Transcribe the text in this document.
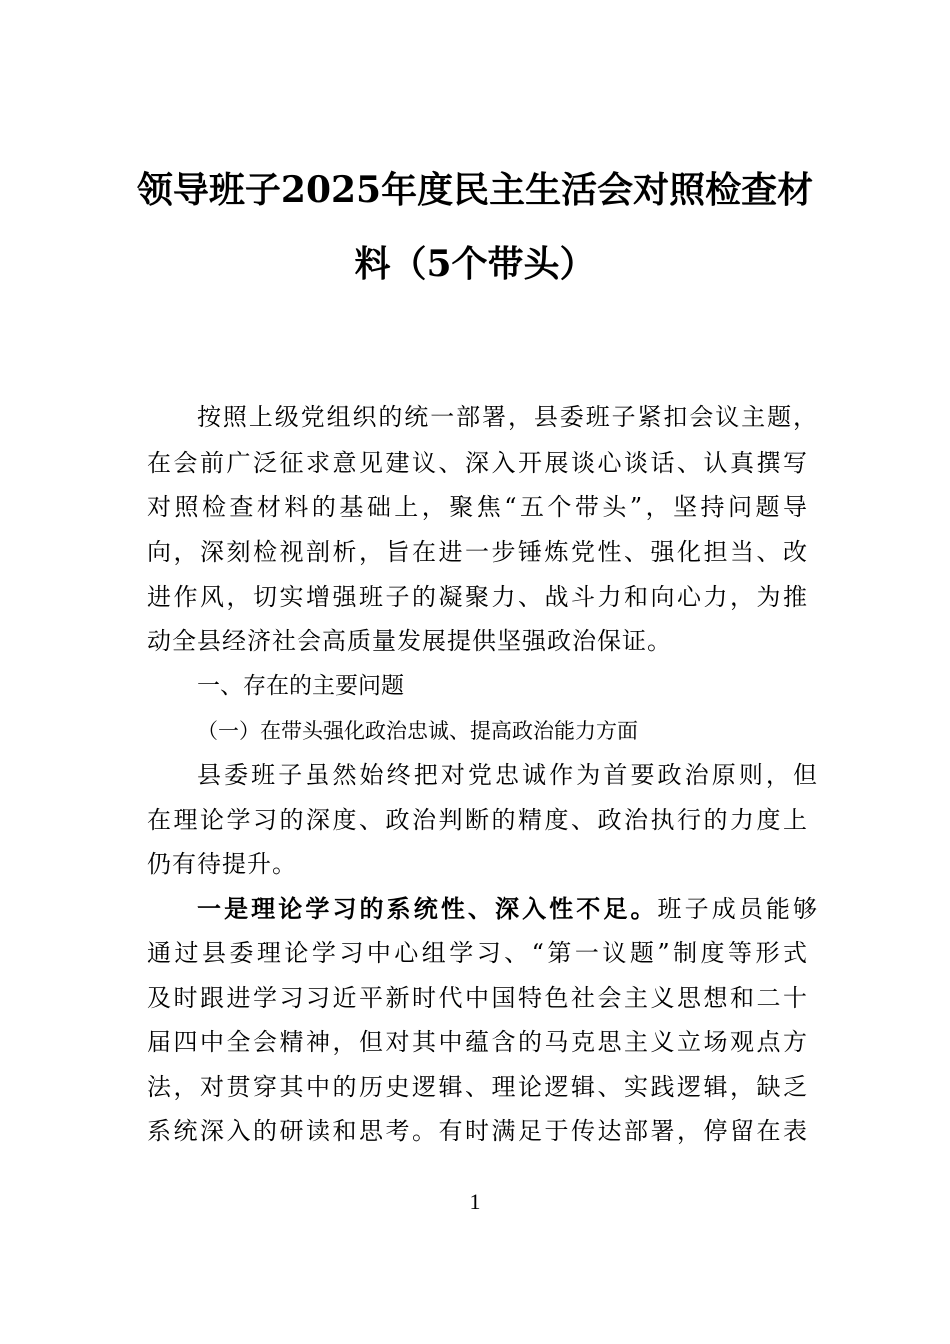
领导班子2025年度民主生活会对照检查材
料（5个带头）
按照上级党组织的统一部署，县委班子紧扣会议主题，
在会前广泛征求意见建议、深入开展谈心谈话、认真撰写
对照检查材料的基础上，聚焦“五个带头”，坚持问题导
向，深刻检视剖析，旨在进一步锤炼党性、强化担当、改
进作风，切实增强班子的凝聚力、战斗力和向心力，为推
动全县经济社会高质量发展提供坚强政治保证。
一、存在的主要问题
（一）在带头强化政治忠诚、提高政治能力方面
县委班子虽然始终把对党忠诚作为首要政治原则，但
在理论学习的深度、政治判断的精度、政治执行的力度上
仍有待提升。
一是理论学习的系统性、深入性不足。班子成员能够
通过县委理论学习中心组学习、“第一议题”制度等形式
及时跟进学习习近平新时代中国特色社会主义思想和二十
届四中全会精神，但对其中蕴含的马克思主义立场观点方
法，对贯穿其中的历史逻辑、理论逻辑、实践逻辑，缺乏
系统深入的研读和思考。有时满足于传达部署，停留在表
1
